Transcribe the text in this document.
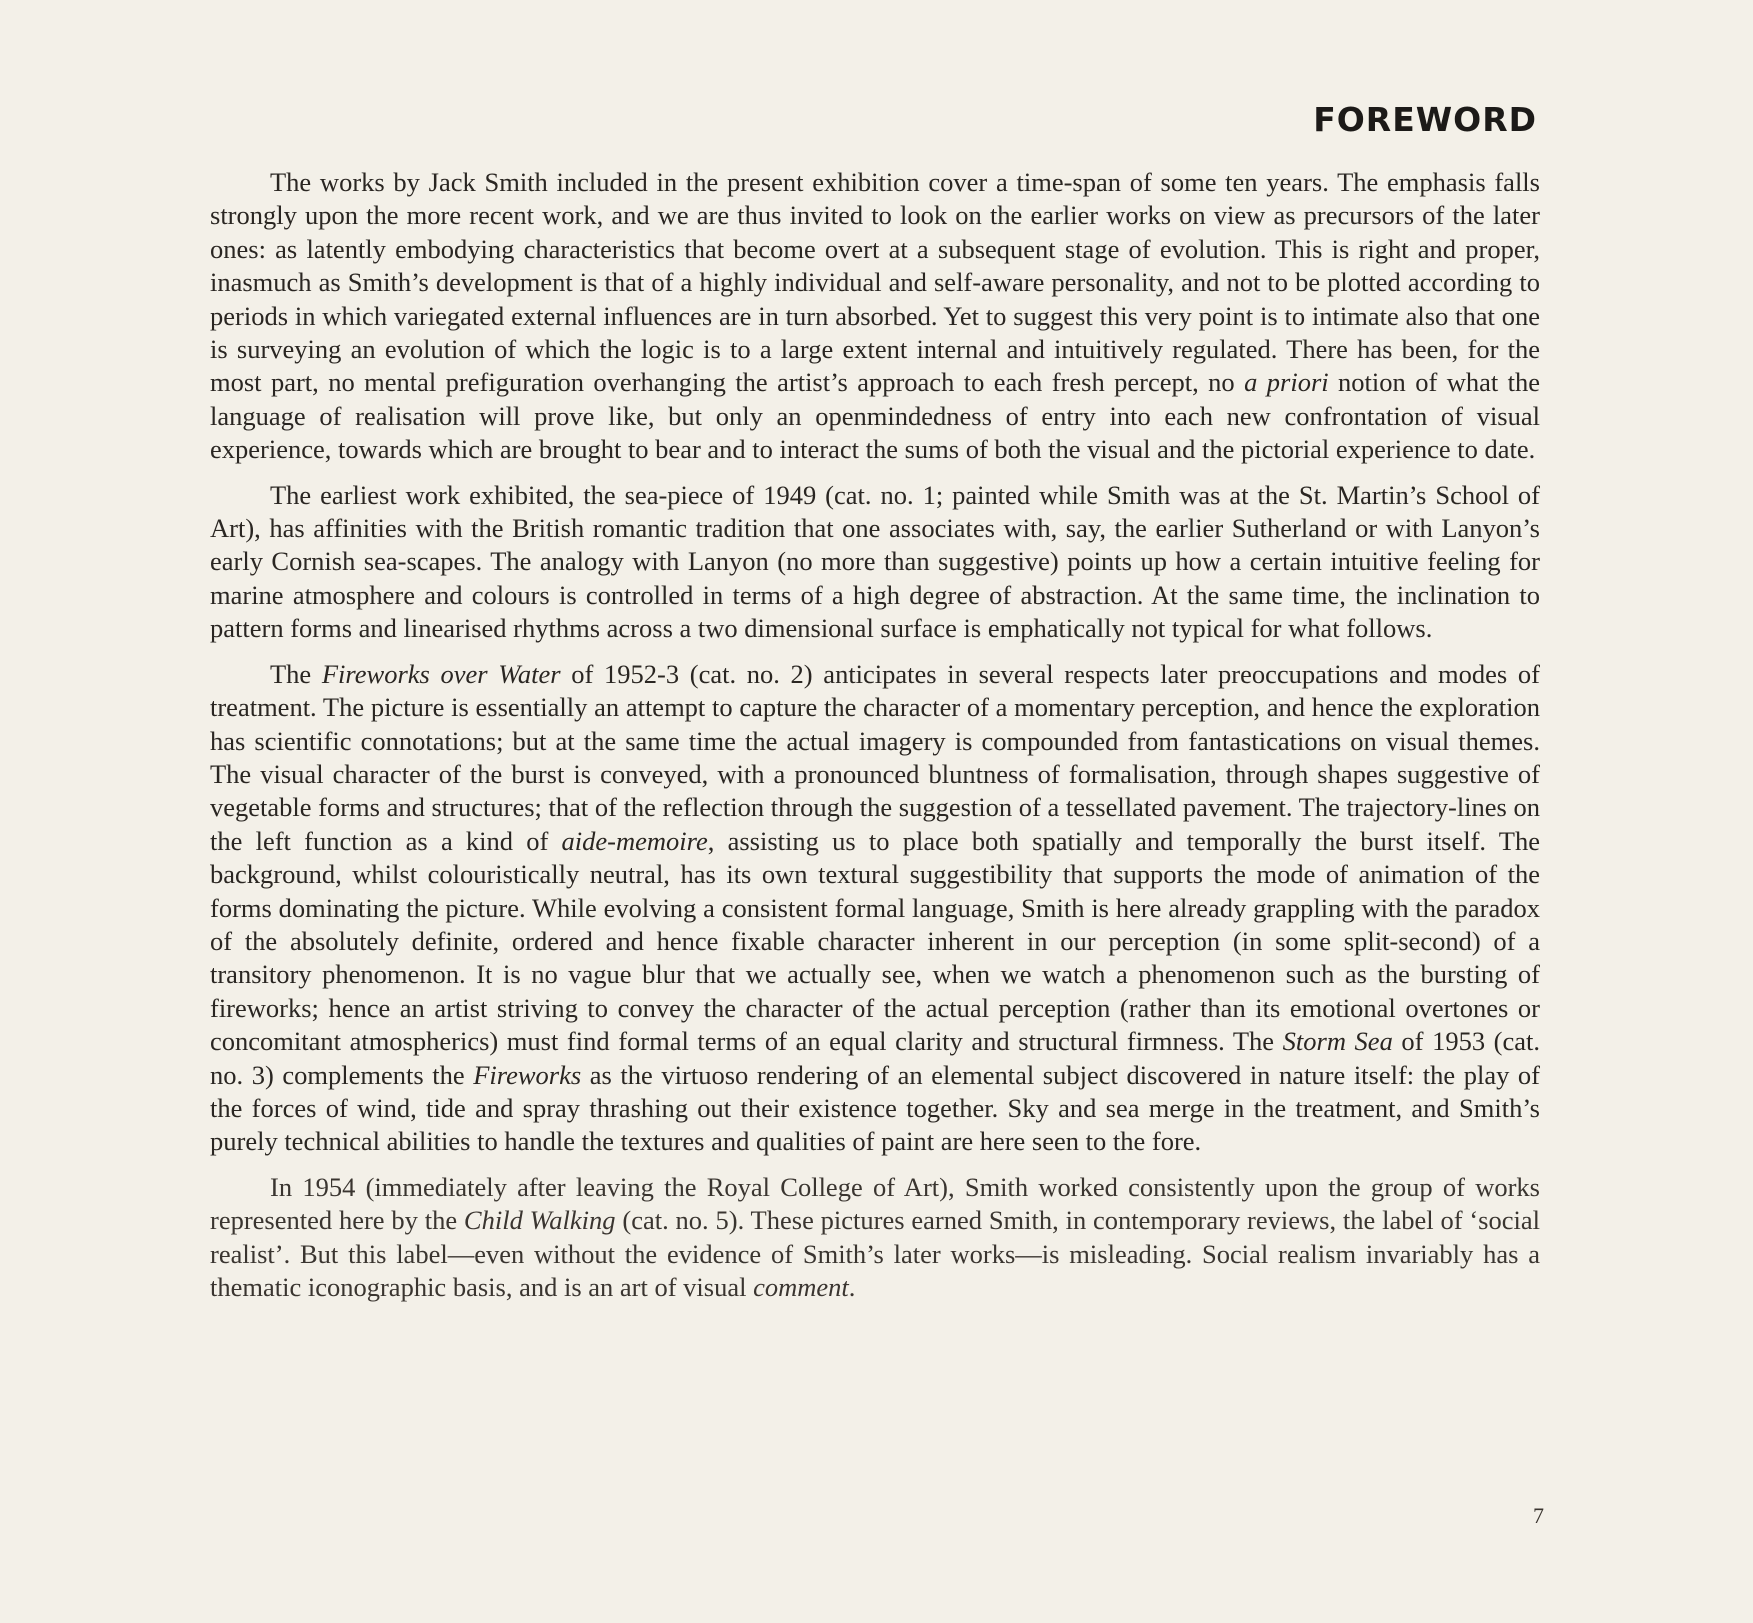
FOREWORD

The works by Jack Smith included in the present exhibition cover a time-span of some ten years. The emphasis falls strongly upon the more recent work, and we are thus invited to look on the earlier works on view as precursors of the later ones: as latently embodying characteristics that become overt at a subsequent stage of evolution. This is right and proper, inasmuch as Smith’s development is that of a highly individual and self-aware personality, and not to be plotted according to periods in which variegated external influences are in turn absorbed. Yet to suggest this very point is to intimate also that one is surveying an evolution of which the logic is to a large extent internal and intuitively regulated. There has been, for the most part, no mental prefiguration overhanging the artist’s approach to each fresh percept, no a priori notion of what the language of realisation will prove like, but only an openmindedness of entry into each new confrontation of visual experience, towards which are brought to bear and to interact the sums of both the visual and the pictorial experience to date.

The earliest work exhibited, the sea-piece of 1949 (cat. no. 1; painted while Smith was at the St. Martin’s School of Art), has affinities with the British romantic tradition that one associates with, say, the earlier Sutherland or with Lanyon’s early Cornish sea-scapes. The analogy with Lanyon (no more than suggestive) points up how a certain intuitive feeling for marine atmosphere and colours is controlled in terms of a high degree of abstraction. At the same time, the inclination to pattern forms and linearised rhythms across a two dimensional surface is emphatically not typical for what follows.

The Fireworks over Water of 1952-3 (cat. no. 2) anticipates in several respects later preoccupations and modes of treatment. The picture is essentially an attempt to capture the character of a momentary perception, and hence the exploration has scientific connotations; but at the same time the actual imagery is compounded from fantastications on visual themes. The visual character of the burst is conveyed, with a pronounced bluntness of formalisation, through shapes suggestive of vegetable forms and structures; that of the reflection through the suggestion of a tessellated pavement. The trajectory-lines on the left function as a kind of aide-memoire, assisting us to place both spatially and temporally the burst itself. The background, whilst colouristically neutral, has its own textural suggestibility that supports the mode of animation of the forms dominating the picture. While evolving a consistent formal language, Smith is here already grappling with the paradox of the absolutely definite, ordered and hence fixable character inherent in our perception (in some split-second) of a transitory phenomenon. It is no vague blur that we actually see, when we watch a phenomenon such as the bursting of fireworks; hence an artist striving to convey the character of the actual perception (rather than its emotional overtones or concomitant atmospherics) must find formal terms of an equal clarity and structural firmness. The Storm Sea of 1953 (cat. no. 3) complements the Fireworks as the virtuoso rendering of an elemental subject discovered in nature itself: the play of the forces of wind, tide and spray thrashing out their existence together. Sky and sea merge in the treatment, and Smith’s purely technical abilities to handle the textures and qualities of paint are here seen to the fore.

In 1954 (immediately after leaving the Royal College of Art), Smith worked consistently upon the group of works represented here by the Child Walking (cat. no. 5). These pictures earned Smith, in contemporary reviews, the label of ‘social realist’. But this label—even without the evidence of Smith’s later works—is misleading. Social realism invariably has a thematic iconographic basis, and is an art of visual comment.

7
